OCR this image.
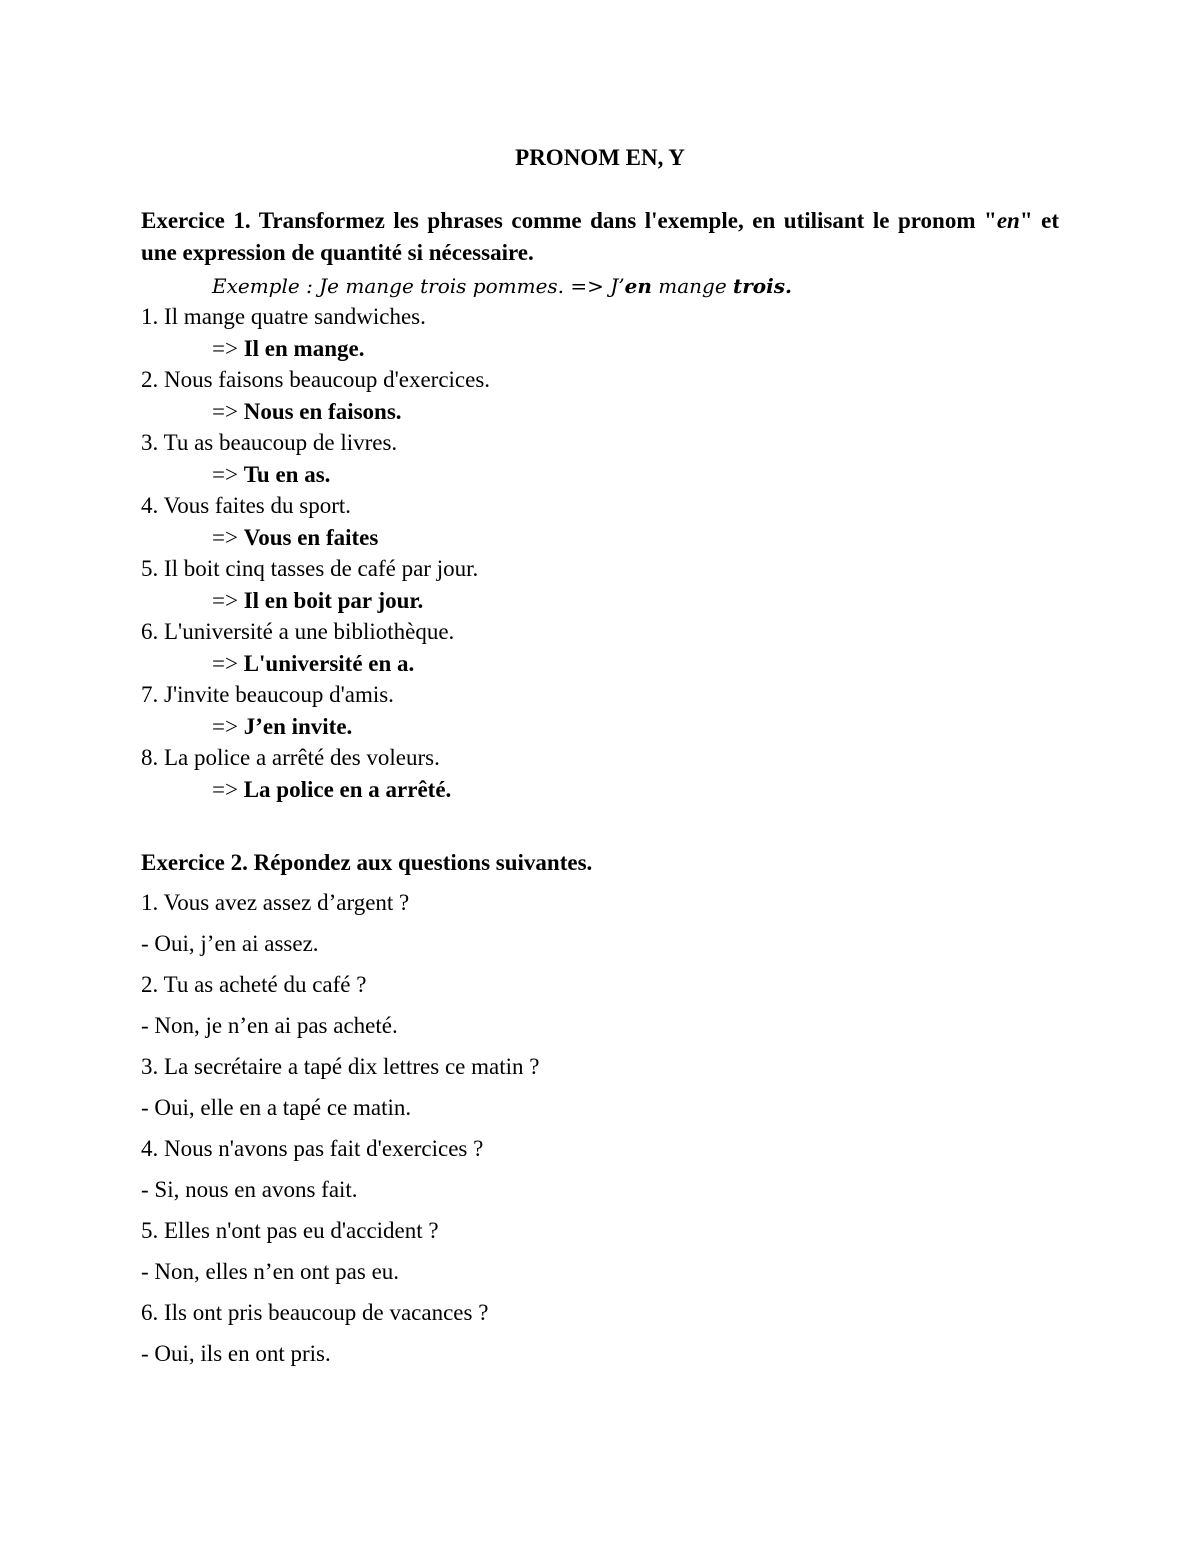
PRONOM EN, Y
Exercice 1. Transformez les phrases comme dans l'exemple, en utilisant le pronom "en" et une expression de quantité si nécessaire.
Exemple : Je mange trois pommes. => J’en mange trois.
1. Il mange quatre sandwiches.
=> Il en mange.
2. Nous faisons beaucoup d'exercices.
=> Nous en faisons.
3. Tu as beaucoup de livres.
=> Tu en as.
4. Vous faites du sport.
=> Vous en faites
5. Il boit cinq tasses de café par jour.
=> Il en boit par jour.
6. L'université a une bibliothèque.
=> L'université en a.
7. J'invite beaucoup d'amis.
=> J’en invite.
8. La police a arrêté des voleurs.
=> La police en a arrêté.
Exercice 2. Répondez aux questions suivantes.
1. Vous avez assez d’argent ?
- Oui, j’en ai assez.
2. Tu as acheté du café ?
- Non, je n’en ai pas acheté.
3. La secrétaire a tapé dix lettres ce matin ?
- Oui, elle en a tapé ce matin.
4. Nous n'avons pas fait d'exercices ?
- Si, nous en avons fait.
5. Elles n'ont pas eu d'accident ?
- Non, elles n’en ont pas eu.
6. Ils ont pris beaucoup de vacances ?
- Oui, ils en ont pris.
